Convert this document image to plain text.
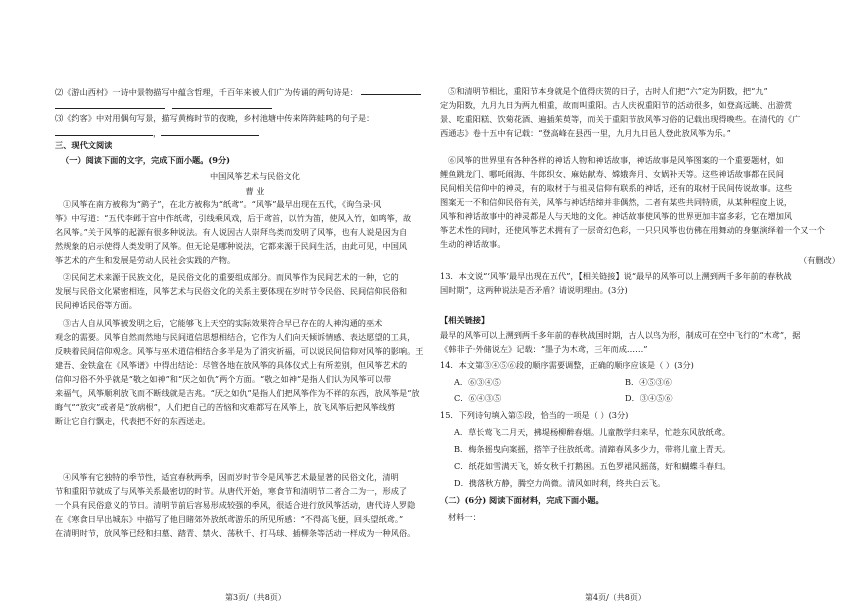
⑵《游山西村》一诗中景物描写中蕴含哲理，千百年来被人们广为传诵的两句诗是：

⑶《约客》中对用偶句写景，描写黄梅时节的夜晚，乡村池塘中传来阵阵蛙鸣的句子是：
，
三、现代文阅读
（一）阅读下面的文字，完成下面小题。(9分)
中国风筝艺术与民俗文化
曹 业
①风筝在南方被称为“鹞子”，在北方被称为“纸鸢”。“风筝”最早出现在五代，《询刍录·风
筝》中写道：“五代李邺于宫中作纸鸢，引线乘风戏，后于鸢首，以竹为笛，使风入竹，如鸣筝，故
名风筝。”关于风筝的起源有很多种说法。有人说因古人崇拜鸟类而发明了风筝，也有人说是因为自
然规象的启示使得人类发明了风筝。但无论是哪种说法，它都来源于民间生活，由此可见，中国风
筝艺术的产生和发展是劳动人民社会实践的产物。
②民间艺术来源于民族文化，是民俗文化的重要组成部分。而风筝作为民间艺术的一种，它的
发展与民俗文化紧密相连，风筝艺术与民俗文化的关系主要体现在岁时节令民俗、民间信仰民俗和
民间神话民俗等方面。
③古人自从风筝被发明之后，它能够飞上天空的实际效果符合早已存在的人神沟通的巫术
观念的需要。风筝自然而然地与民间道信思想相结合，它作为人们向天倾诉情感、表达愿望的工具，
反映着民间信仰观念。风筝与巫术道信相结合多半是为了消灾祈福，可以说民间信仰对风筝的影响。王
建吾、金铁盒在《风筝谱》中得出结论：尽管各地在放风筝的具体仪式上有所差别，但风筝艺术的
信仰习俗不外乎就是“敬之如神”和“厌之如仇”两个方面。“敬之如神”是指人们认为风筝可以带
来福气，风筝顺利放飞而不断线就是吉兆。“厌之如仇”是指人们把风筝作为不祥的东西，放风筝是“放
晦气”“放灾”或者是“放病根”，人们把自己的苦恼和灾难都写在风筝上，放飞风筝后把风筝线剪
断让它自行飘走，代表把不好的东西送走。
④风筝有它独特的季节性，适宜春秋两季，因而岁时节令是风筝艺术最显著的民俗文化，清明
节和重阳节就成了与风筝关系最密切的时节。从唐代开始，寒食节和清明节二者合二为一，形成了
一个具有民俗意义的节日。清明节前后容易形成较强的季风，很适合进行放风筝活动，唐代诗人罗隐
在《寒食日早出城东》中描写了他目睹郊外放纸鸢游乐的所见所感：“不得高飞便，回头望纸鸢。”
在清明时节，放风筝已经和扫墓、踏青、禁火、荡秋千、打马球、插柳条等活动一样成为一种风俗。
第3页/（共8页）
⑤和清明节相比，重阳节本身就是个值得庆贺的日子，古时人们把“六”定为阴数，把“九”
定为阳数，九月九日为两九相重，故而叫重阳。古人庆祝重阳节的活动很多，如登高远眺、出游赏
景、吃重阳糕、饮菊花酒、遍插茱萸等，而关于重阳节放风筝习俗的记载出现得晚些。在清代的《广
西通志》卷十五中有记载：“登高峰在县西一里，九月九日邑人登此放风筝为乐。”
⑥风筝的世界里有各种各样的神话人物和神话故事，神话故事是风筝图案的一个重要题材，如
鲤鱼跳龙门、哪吒闹海、牛郎织女、麻姑献寿、嫦娥奔月、女娲补天等。这些神话故事都在民间
民间相关信仰中的神灵，有的取材于与祖灵信仰有联系的神话，还有的取材于民间传说故事。这些
图案无一不和信仰民俗有关，风筝与神话结缔并非偶然，二者有某些共同特质，从某种程度上说，
风筝和神话故事中的神灵都是人与天地的文化。神话故事使风筝的世界更加丰富多彩，它在增加风
筝艺术性的同时，还使风筝艺术拥有了一层奇幻色彩，一只只风筝也仿佛在用舞动的身躯演绎着一个又一个
生动的神话故事。
（有删改）
13．本文说“‘风筝’最早出现在五代”，【相关链接】说“最早的风筝可以上溯到两千多年前的春秋战
国时期”，这两种说法是否矛盾？请说明理由。(3分)
【相关链接】
最早的风筝可以上溯到两千多年前的春秋战国时期，古人以鸟为形，制成可在空中飞行的“木鸢”，据
《韩非子·外储说左》记载：“墨子为木鸢，三年而成……”
14．本文第③④⑤⑥段的顺序需要调整，正确的顺序应该是（ ）(3分)
A．⑥③④⑤	B．④⑤③⑥
C．⑥④③⑤	D．③④⑤⑥
15．下列诗句填入第⑤段，恰当的一项是（ ）(3分)
A．草长莺飞二月天，拂堤杨柳醉春烟。儿童散学归来早，忙趁东风放纸鸢。
B．梅条摇曳向案摇，搭竿子往放纸鸢。清蹄春风多少力，带将儿童上青天。
C．纸花如雪满天飞，娇女秋千打鹅困。五色罗裙风摇荡，好和蝴蝶斗春归。
D．携落秋方静，腾空力尚微。清风如时利，终共白云飞。
（二）(6分) 阅读下面材料，完成下面小题。
材料一：
第4页/（共8页）
